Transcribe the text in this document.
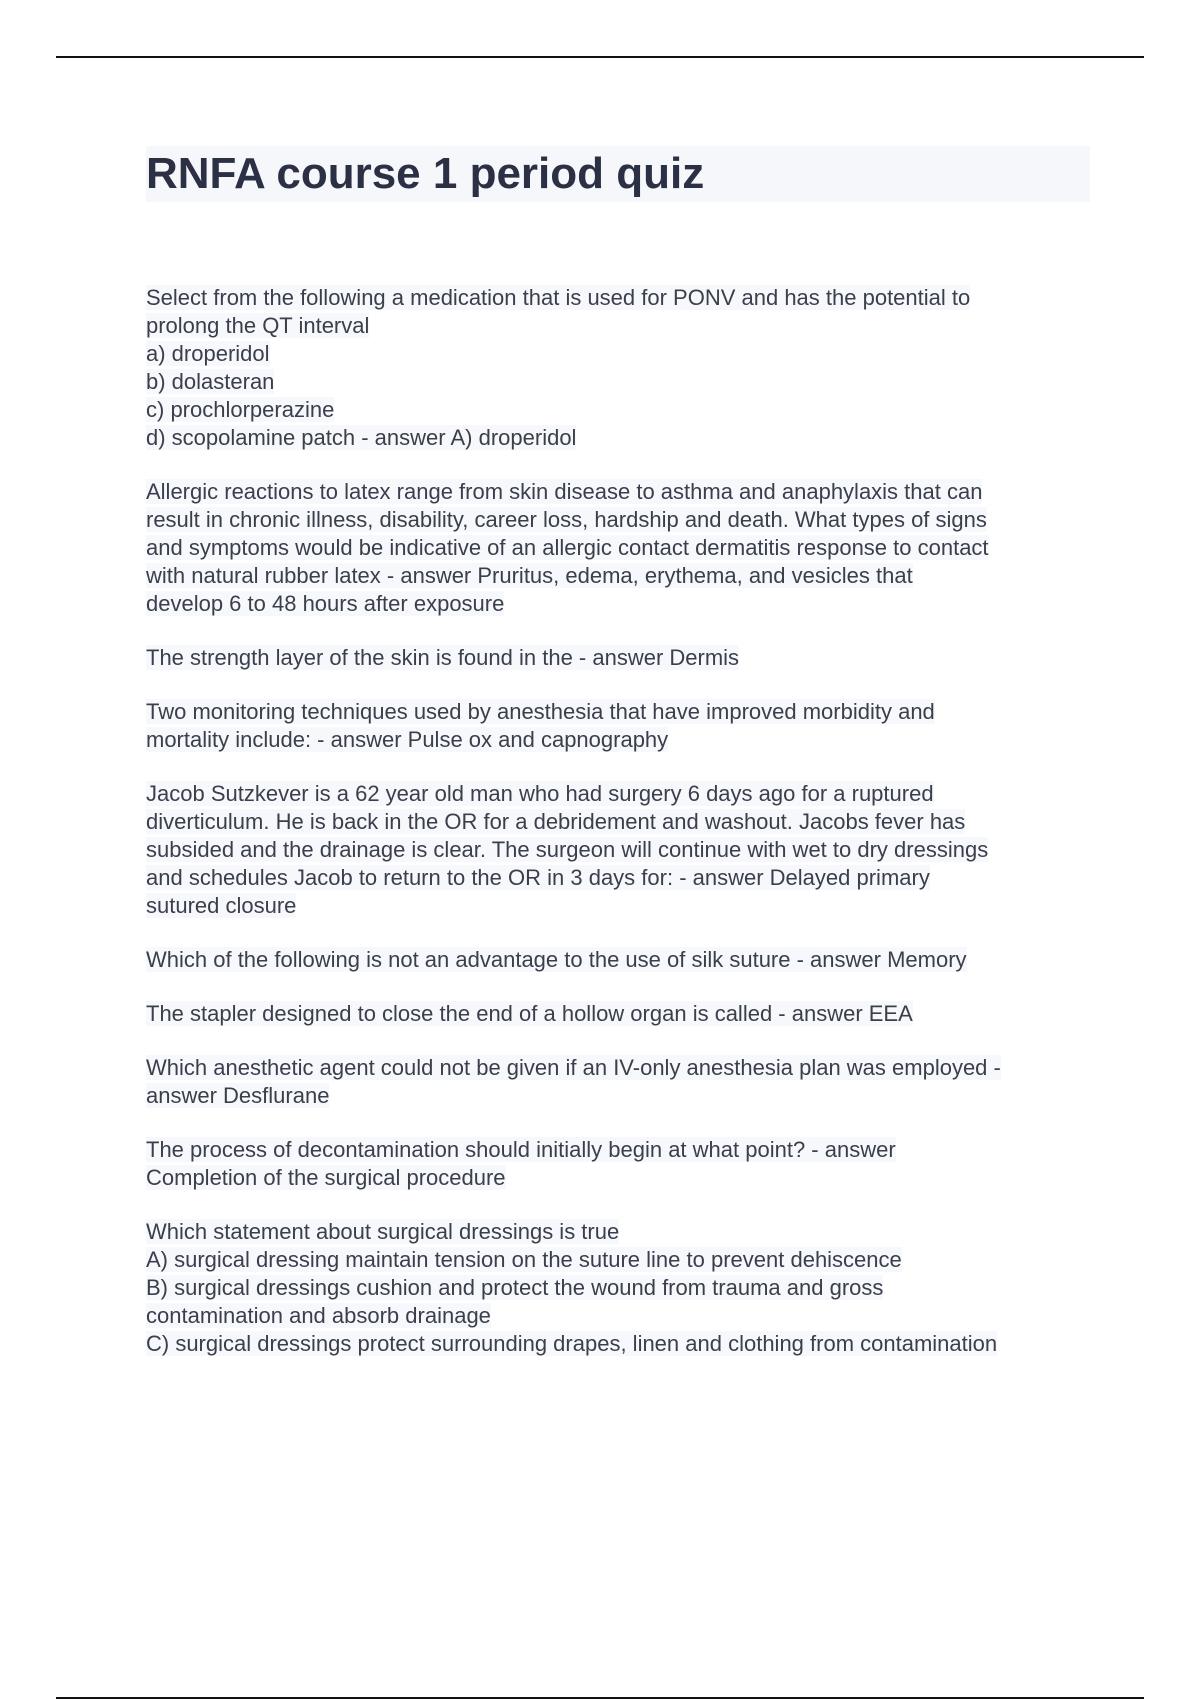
RNFA course 1 period quiz
Select from the following a medication that is used for PONV and has the potential to
prolong the QT interval
a) droperidol
b) dolasteran
c) prochlorperazine
d) scopolamine patch - answer A) droperidol
Allergic reactions to latex range from skin disease to asthma and anaphylaxis that can
result in chronic illness, disability, career loss, hardship and death. What types of signs
and symptoms would be indicative of an allergic contact dermatitis response to contact
with natural rubber latex - answer Pruritus, edema, erythema, and vesicles that
develop 6 to 48 hours after exposure
The strength layer of the skin is found in the - answer Dermis
Two monitoring techniques used by anesthesia that have improved morbidity and
mortality include: - answer Pulse ox and capnography
Jacob Sutzkever is a 62 year old man who had surgery 6 days ago for a ruptured
diverticulum. He is back in the OR for a debridement and washout. Jacobs fever has
subsided and the drainage is clear. The surgeon will continue with wet to dry dressings
and schedules Jacob to return to the OR in 3 days for: - answer Delayed primary
sutured closure
Which of the following is not an advantage to the use of silk suture - answer Memory
The stapler designed to close the end of a hollow organ is called - answer EEA
Which anesthetic agent could not be given if an IV-only anesthesia plan was employed -
answer Desflurane
The process of decontamination should initially begin at what point? - answer
Completion of the surgical procedure
Which statement about surgical dressings is true
A) surgical dressing maintain tension on the suture line to prevent dehiscence
B) surgical dressings cushion and protect the wound from trauma and gross
contamination and absorb drainage
C) surgical dressings protect surrounding drapes, linen and clothing from contamination
